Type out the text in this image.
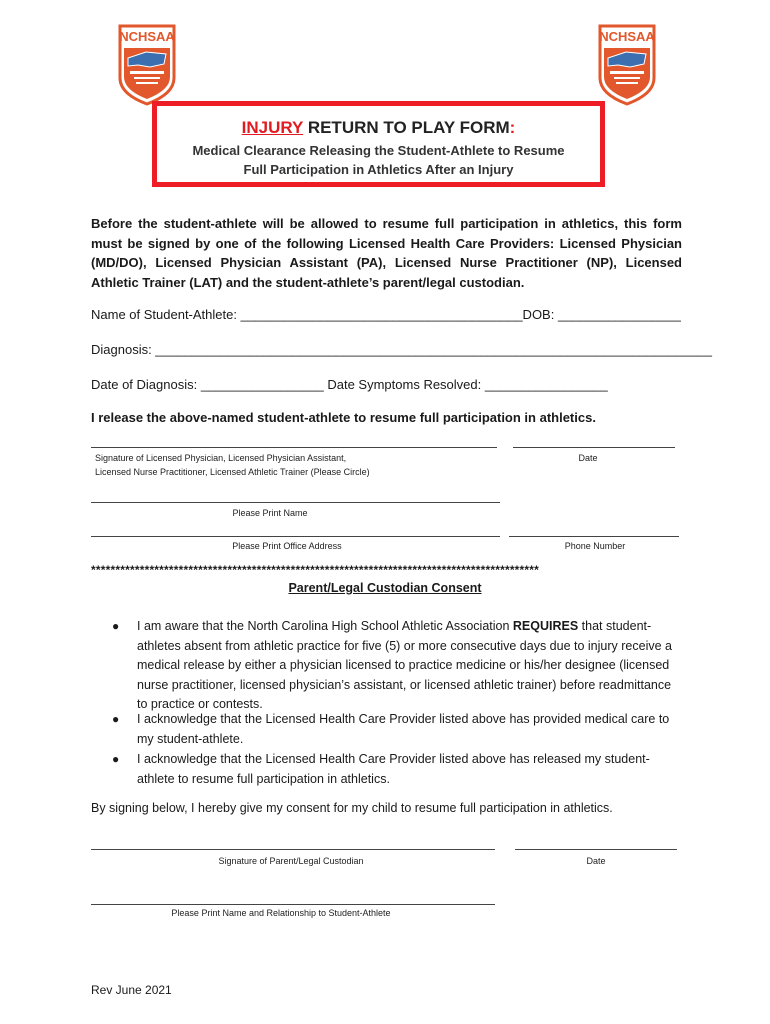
NCHSAA	NCHSAA
INJURY RETURN TO PLAY FORM:
Medical Clearance Releasing the Student-Athlete to Resume
Full Participation in Athletics After an Injury
Before the student-athlete will be allowed to resume full participation in athletics, this form must be signed by one of the following Licensed Health Care Providers: Licensed Physician (MD/DO), Licensed Physician Assistant (PA), Licensed Nurse Practitioner (NP), Licensed Athletic Trainer (LAT) and the student-athlete’s parent/legal custodian.
Name of Student-Athlete: _______________________________________DOB: _________________
Diagnosis: _____________________________________________________________________________
Date of Diagnosis: _________________ Date Symptoms Resolved: _________________
I release the above-named student-athlete to resume full participation in athletics.
Signature of Licensed Physician, Licensed Physician Assistant,
Licensed Nurse Practitioner, Licensed Athletic Trainer (Please Circle)
Date
Please Print Name
Please Print Office Address	Phone Number
********************************************************************************************
Parent/Legal Custodian Consent
● I am aware that the North Carolina High School Athletic Association REQUIRES that student-athletes absent from athletic practice for five (5) or more consecutive days due to injury receive a medical release by either a physician licensed to practice medicine or his/her designee (licensed nurse practitioner, licensed physician’s assistant, or licensed athletic trainer) before readmittance to practice or contests.
● I acknowledge that the Licensed Health Care Provider listed above has provided medical care to my student-athlete.
● I acknowledge that the Licensed Health Care Provider listed above has released my student-athlete to resume full participation in athletics.
By signing below, I hereby give my consent for my child to resume full participation in athletics.
Signature of Parent/Legal Custodian	Date
Please Print Name and Relationship to Student-Athlete
Rev June 2021
